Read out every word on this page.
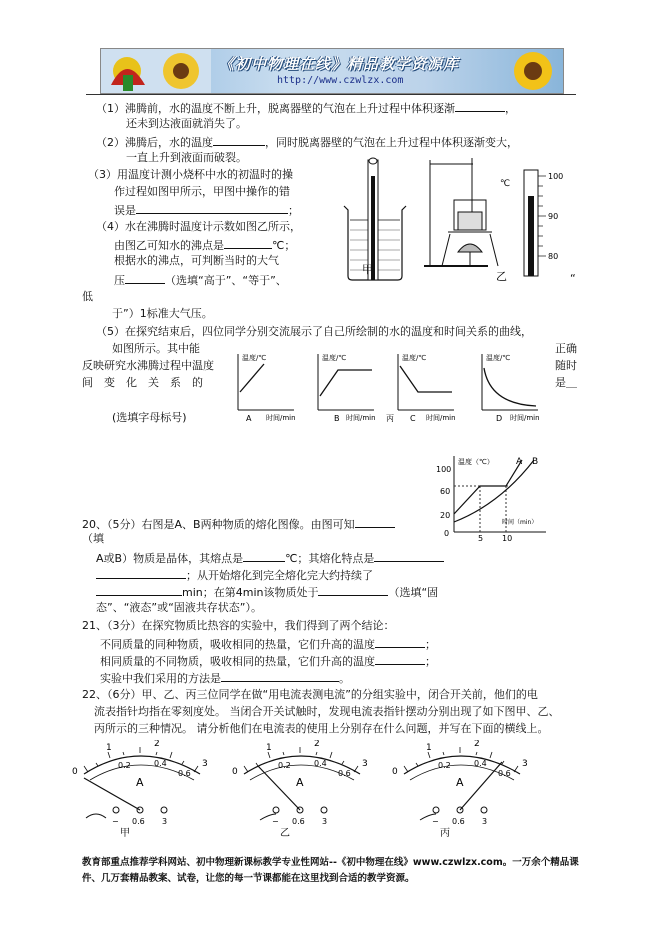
《初中物理在线》精品教学资源库
http://www.czwlzx.com
（1）沸腾前，水的温度不断上升，脱离器壁的气泡在上升过程中体积逐渐	，
还未到达液面就消失了。
（2）沸腾后，水的温度	，同时脱离器壁的气泡在上升过程中体积逐渐变大，
一直上升到液面而破裂。
（3）用温度计测小烧杯中水的初温时的操
作过程如图甲所示，甲图中操作的错
误是	；
（4）水在沸腾时温度计示数如图乙所示，
由图乙可知水的沸点是	℃；
根据水的沸点，可判断当时的大气
压	（选填“高于”、“等于”、	“
低
于”）1标准大气压。
（5）在探究结束后，四位同学分别交流展示了自己所绘制的水的温度和时间关系的曲线，
如图所示。其中能	正确
反映研究水沸腾过程中温度	随时
间　变　化　关　系　的	是＿
(选填字母标号)
甲
℃
100
90
80
乙
温度/℃
时间/min
A
温度/℃
时间/min
B
温度/℃
时间/min
丙 C
温度/℃
时间/min
D
温度（℃）
时间（min）
100
60
20
0
5 10
A B
20、（5分）右图是A、B两种物质的熔化图像。由图可知
（填
A或B）物质是晶体，其熔点是	℃；其熔化特点是
；从开始熔化到完全熔化完大约持续了
min；在第4min该物质处于	（选填“固
态”、“液态”或“固液共存状态”）。
21、（3分）在探究物质比热容的实验中，我们得到了两个结论：
不同质量的同种物质，吸收相同的热量，它们升高的温度	；
相同质量的不同物质，吸收相同的热量，它们升高的温度	；
实验中我们采用的方法是	。
22、（6分）甲、乙、丙三位同学在做“用电流表测电流”的分组实验中，闭合开关前，他们的电
流表指针均指在零刻度处。 当闭合开关试触时，发现电流表指针摆动分别出现了如下图甲、乙、
丙所示的三种情况。 请分析他们在电流表的使用上分别存在什么问题，并写在下面的横线上。
0
1	2
3
0.2	0.4
0.6
A
− 0.6 3
甲
0
1	2
3
0.2	0.4
0.6
A
− 0.6 3
乙
0
1	2
3
0.2	0.4
0.6
A
− 0.6 3
丙
教育部重点推荐学科网站、初中物理新课标教学专业性网站--《初中物理在线》www.czwlzx.com。一万余个精品课
件、几万套精品教案、试卷，让您的每一节课都能在这里找到合适的教学资源。
